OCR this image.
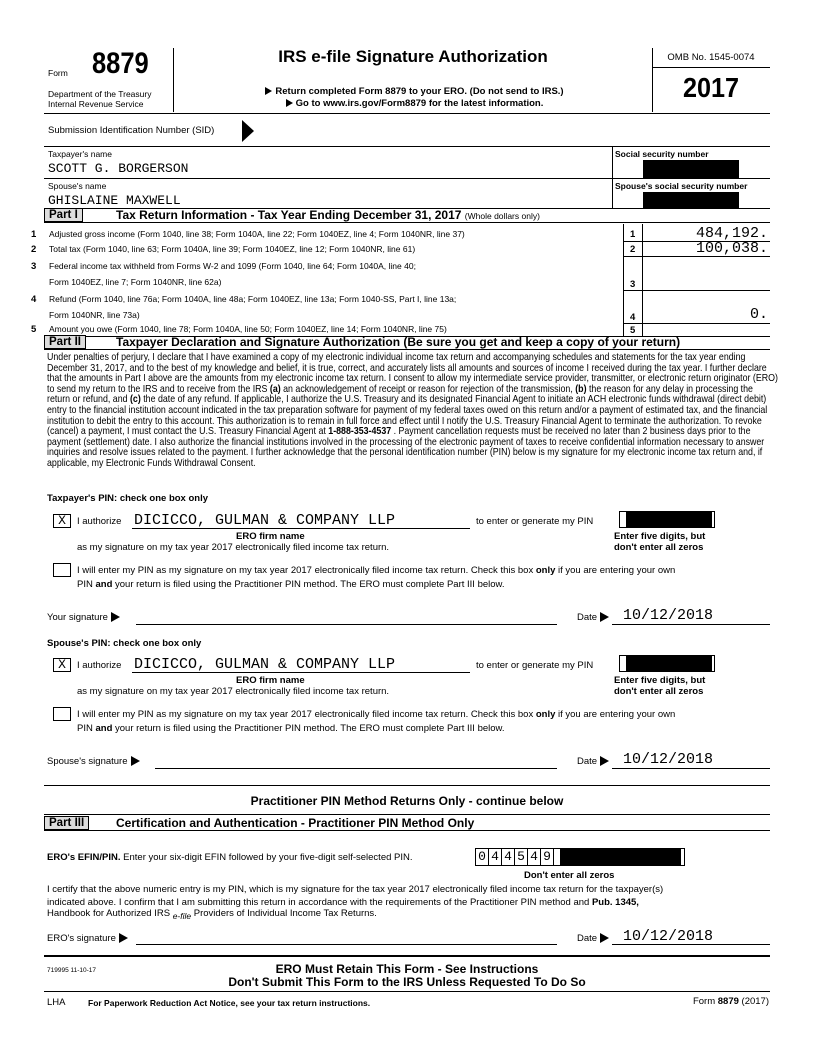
Form 8879
Department of the Treasury
Internal Revenue Service
IRS e-file Signature Authorization
Return completed Form 8879 to your ERO. (Do not send to IRS.)
Go to www.irs.gov/Form8879 for the latest information.
OMB No. 1545-0074
2017
Submission Identification Number (SID)
Taxpayer's name
SCOTT G. BORGERSON
Social security number
Spouse's name
GHISLAINE MAXWELL
Spouse's social security number
Part I	Tax Return Information - Tax Year Ending December 31, 2017 (Whole dollars only)
1 Adjusted gross income (Form 1040, line 38; Form 1040A, line 22; Form 1040EZ, line 4; Form 1040NR, line 37)	1	484,192.
2 Total tax (Form 1040, line 63; Form 1040A, line 39; Form 1040EZ, line 12; Form 1040NR, line 61)	2	100,038.
3 Federal income tax withheld from Forms W-2 and 1099 (Form 1040, line 64; Form 1040A, line 40;
Form 1040EZ, line 7; Form 1040NR, line 62a)	3
4 Refund (Form 1040, line 76a; Form 1040A, line 48a; Form 1040EZ, line 13a; Form 1040-SS, Part I, line 13a;
Form 1040NR, line 73a)	4	0.
5 Amount you owe (Form 1040, line 78; Form 1040A, line 50; Form 1040EZ, line 14; Form 1040NR, line 75)	5
Part II	Taxpayer Declaration and Signature Authorization (Be sure you get and keep a copy of your return)
Under penalties of perjury, I declare that I have examined a copy of my electronic individual income tax return and accompanying schedules and statements for the tax year ending December 31, 2017, and to the best of my knowledge and belief, it is true, correct, and accurately lists all amounts and sources of income I received during the tax year. I further declare that the amounts in Part I above are the amounts from my electronic income tax return. I consent to allow my intermediate service provider, transmitter, or electronic return originator (ERO) to send my return to the IRS and to receive from the IRS (a) an acknowledgement of receipt or reason for rejection of the transmission, (b) the reason for any delay in processing the return or refund, and (c) the date of any refund. If applicable, I authorize the U.S. Treasury and its designated Financial Agent to initiate an ACH electronic funds withdrawal (direct debit) entry to the financial institution account indicated in the tax preparation software for payment of my federal taxes owed on this return and/or a payment of estimated tax, and the financial institution to debit the entry to this account. This authorization is to remain in full force and effect until I notify the U.S. Treasury Financial Agent to terminate the authorization. To revoke (cancel) a payment, I must contact the U.S. Treasury Financial Agent at 1-888-353-4537 . Payment cancellation requests must be received no later than 2 business days prior to the payment (settlement) date. I also authorize the financial institutions involved in the processing of the electronic payment of taxes to receive confidential information necessary to answer inquiries and resolve issues related to the payment. I further acknowledge that the personal identification number (PIN) below is my signature for my electronic income tax return and, if applicable, my Electronic Funds Withdrawal Consent.
Taxpayer's PIN: check one box only
X	I authorize DICICCO, GULMAN & COMPANY LLP	to enter or generate my PIN
ERO firm name
as my signature on my tax year 2017 electronically filed income tax return.
Enter five digits, but
don't enter all zeros
I will enter my PIN as my signature on my tax year 2017 electronically filed income tax return. Check this box only if you are entering your own
PIN and your return is filed using the Practitioner PIN method. The ERO must complete Part III below.
Your signature	Date	10/12/2018
Spouse's PIN: check one box only
X	I authorize DICICCO, GULMAN & COMPANY LLP	to enter or generate my PIN
ERO firm name
as my signature on my tax year 2017 electronically filed income tax return.
Enter five digits, but
don't enter all zeros
I will enter my PIN as my signature on my tax year 2017 electronically filed income tax return. Check this box only if you are entering your own
PIN and your return is filed using the Practitioner PIN method. The ERO must complete Part III below.
Spouse's signature	Date	10/12/2018
Practitioner PIN Method Returns Only - continue below
Part III	Certification and Authentication - Practitioner PIN Method Only
ERO's EFIN/PIN. Enter your six-digit EFIN followed by your five-digit self-selected PIN.	0 4 4 5 4 9
Don't enter all zeros
I certify that the above numeric entry is my PIN, which is my signature for the tax year 2017 electronically filed income tax return for the taxpayer(s)
indicated above. I confirm that I am submitting this return in accordance with the requirements of the Practitioner PIN method and Pub. 1345,
Handbook for Authorized IRS e-file Providers of Individual Income Tax Returns.
ERO's signature	Date	10/12/2018
719995 11-10-17	ERO Must Retain This Form - See Instructions
Don't Submit This Form to the IRS Unless Requested To Do So
LHA	For Paperwork Reduction Act Notice, see your tax return instructions.	Form 8879 (2017)
